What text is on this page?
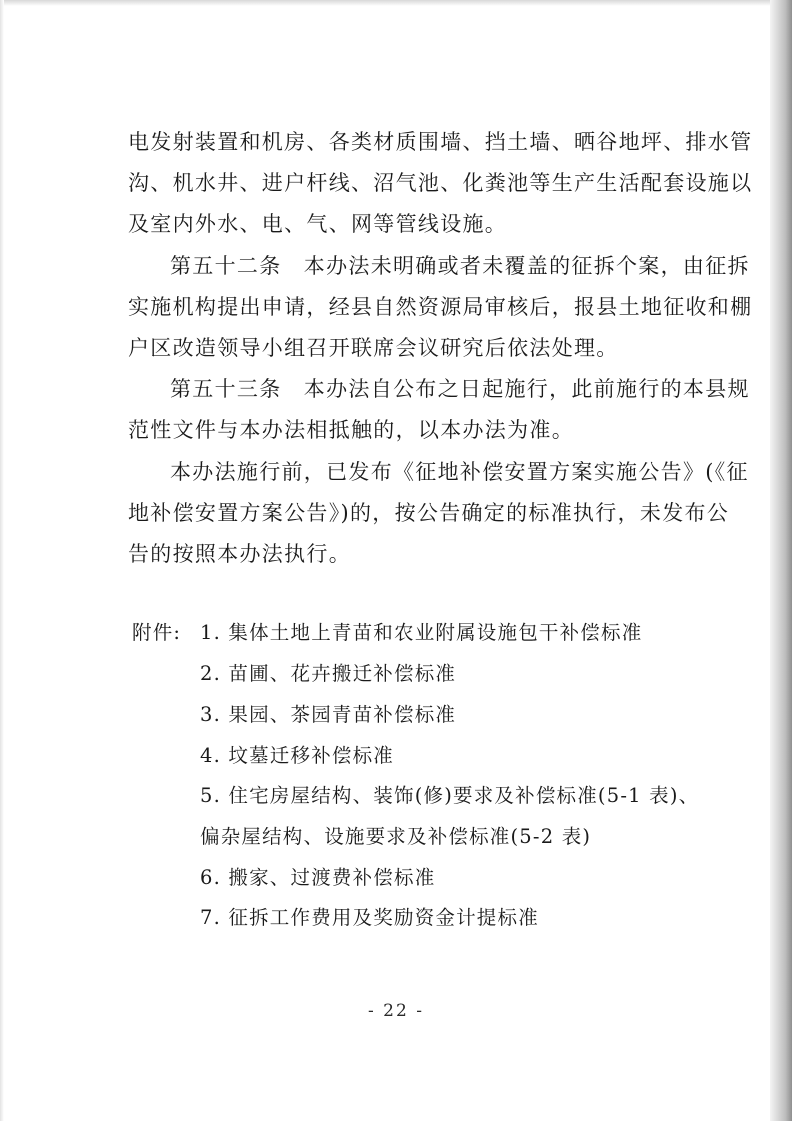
电发射装置和机房、各类材质围墙、挡土墙、晒谷地坪、排水管
沟、机水井、进户杆线、沼气池、化粪池等生产生活配套设施以
及室内外水、电、气、网等管线设施。
第五十二条　本办法未明确或者未覆盖的征拆个案，由征拆
实施机构提出申请，经县自然资源局审核后，报县土地征收和棚
户区改造领导小组召开联席会议研究后依法处理。
第五十三条　本办法自公布之日起施行，此前施行的本县规
范性文件与本办法相抵触的，以本办法为准。
本办法施行前，已发布《征地补偿安置方案实施公告》(《征
地补偿安置方案公告》)的，按公告确定的标准执行，未发布公
告的按照本办法执行。
附件: 1. 集体土地上青苗和农业附属设施包干补偿标准
2. 苗圃、花卉搬迁补偿标准
3. 果园、茶园青苗补偿标准
4. 坟墓迁移补偿标准
5. 住宅房屋结构、装饰(修)要求及补偿标准(5-1 表)、
偏杂屋结构、设施要求及补偿标准(5-2 表)
6. 搬家、过渡费补偿标准
7. 征拆工作费用及奖励资金计提标准
- 22 -
